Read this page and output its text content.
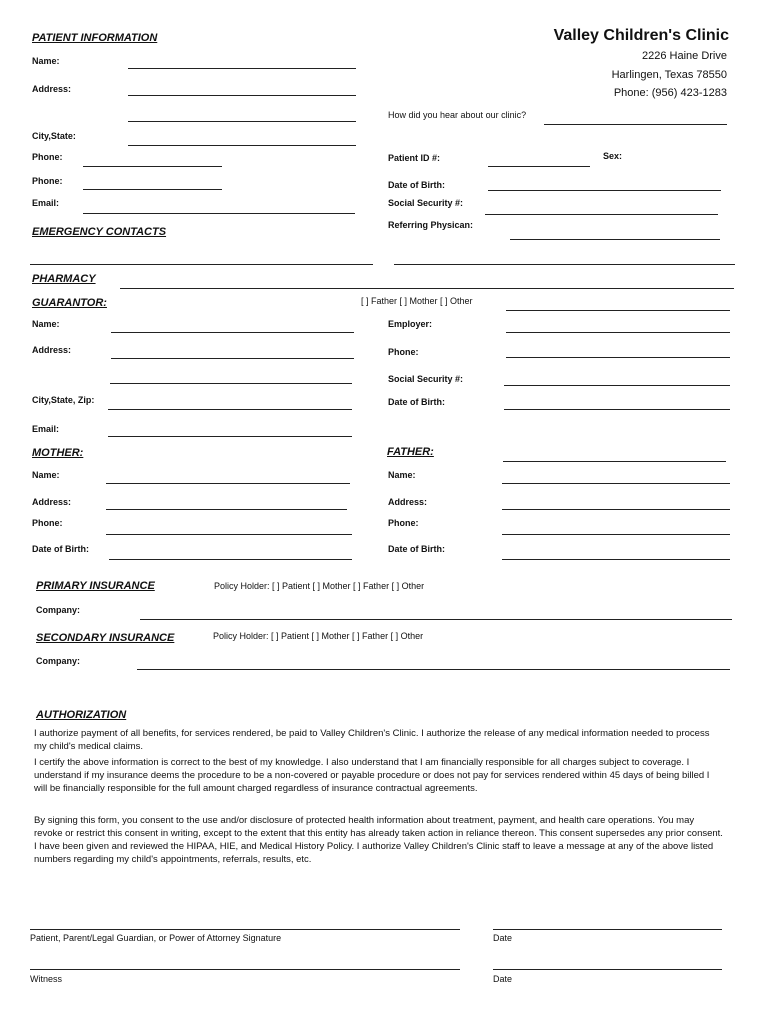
Valley Children's Clinic
2226 Haine Drive
Harlingen, Texas 78550
Phone: (956) 423-1283
PATIENT INFORMATION
Name:
Address:
How did you hear about our clinic?
City,State:
Phone:
Phone:
Email:
Patient ID #:	Sex:
Date of Birth:
Social Security #:
Referring Physican:
EMERGENCY CONTACTS
PHARMACY
GUARANTOR:	[ ] Father [ ] Mother [ ] Other
Name:
Address:
City,State, Zip:
Email:
Employer:
Phone:
Social Security #:
Date of Birth:
MOTHER:
Name:
Address:
Phone:
Date of Birth:
FATHER:
Name:
Address:
Phone:
Date of Birth:
PRIMARY INSURANCE	Policy Holder: [ ] Patient [ ] Mother [ ] Father [ ] Other
Company:
SECONDARY INSURANCE	Policy Holder: [ ] Patient [ ] Mother [ ] Father [ ] Other
Company:
AUTHORIZATION
I authorize payment of all benefits, for services rendered, be paid to Valley Children's Clinic. I authorize the release of any medical information needed to process my child's medical claims.
I certify the above information is correct to the best of my knowledge. I also understand that I am financially responsible for all charges subject to coverage. I understand if my insurance deems the procedure to be a non-covered or payable procedure or does not pay for services rendered within 45 days of being billed I will be financially responsible for the full amount charged regardless of insurance contractual agreements.
By signing this form, you consent to the use and/or disclosure of protected health information about treatment, payment, and health care operations. You may revoke or restrict this consent in writing, except to the extent that this entity has already taken action in reliance thereon. This consent supersedes any prior consent. I have been given and reviewed the HIPAA, HIE, and Medical History Policy. I authorize Valley Children's Clinic staff to leave a message at any of the above listed numbers regarding my child's appointments, referrals, results, etc.
Patient, Parent/Legal Guardian, or Power of Attorney Signature	Date
Witness	Date
